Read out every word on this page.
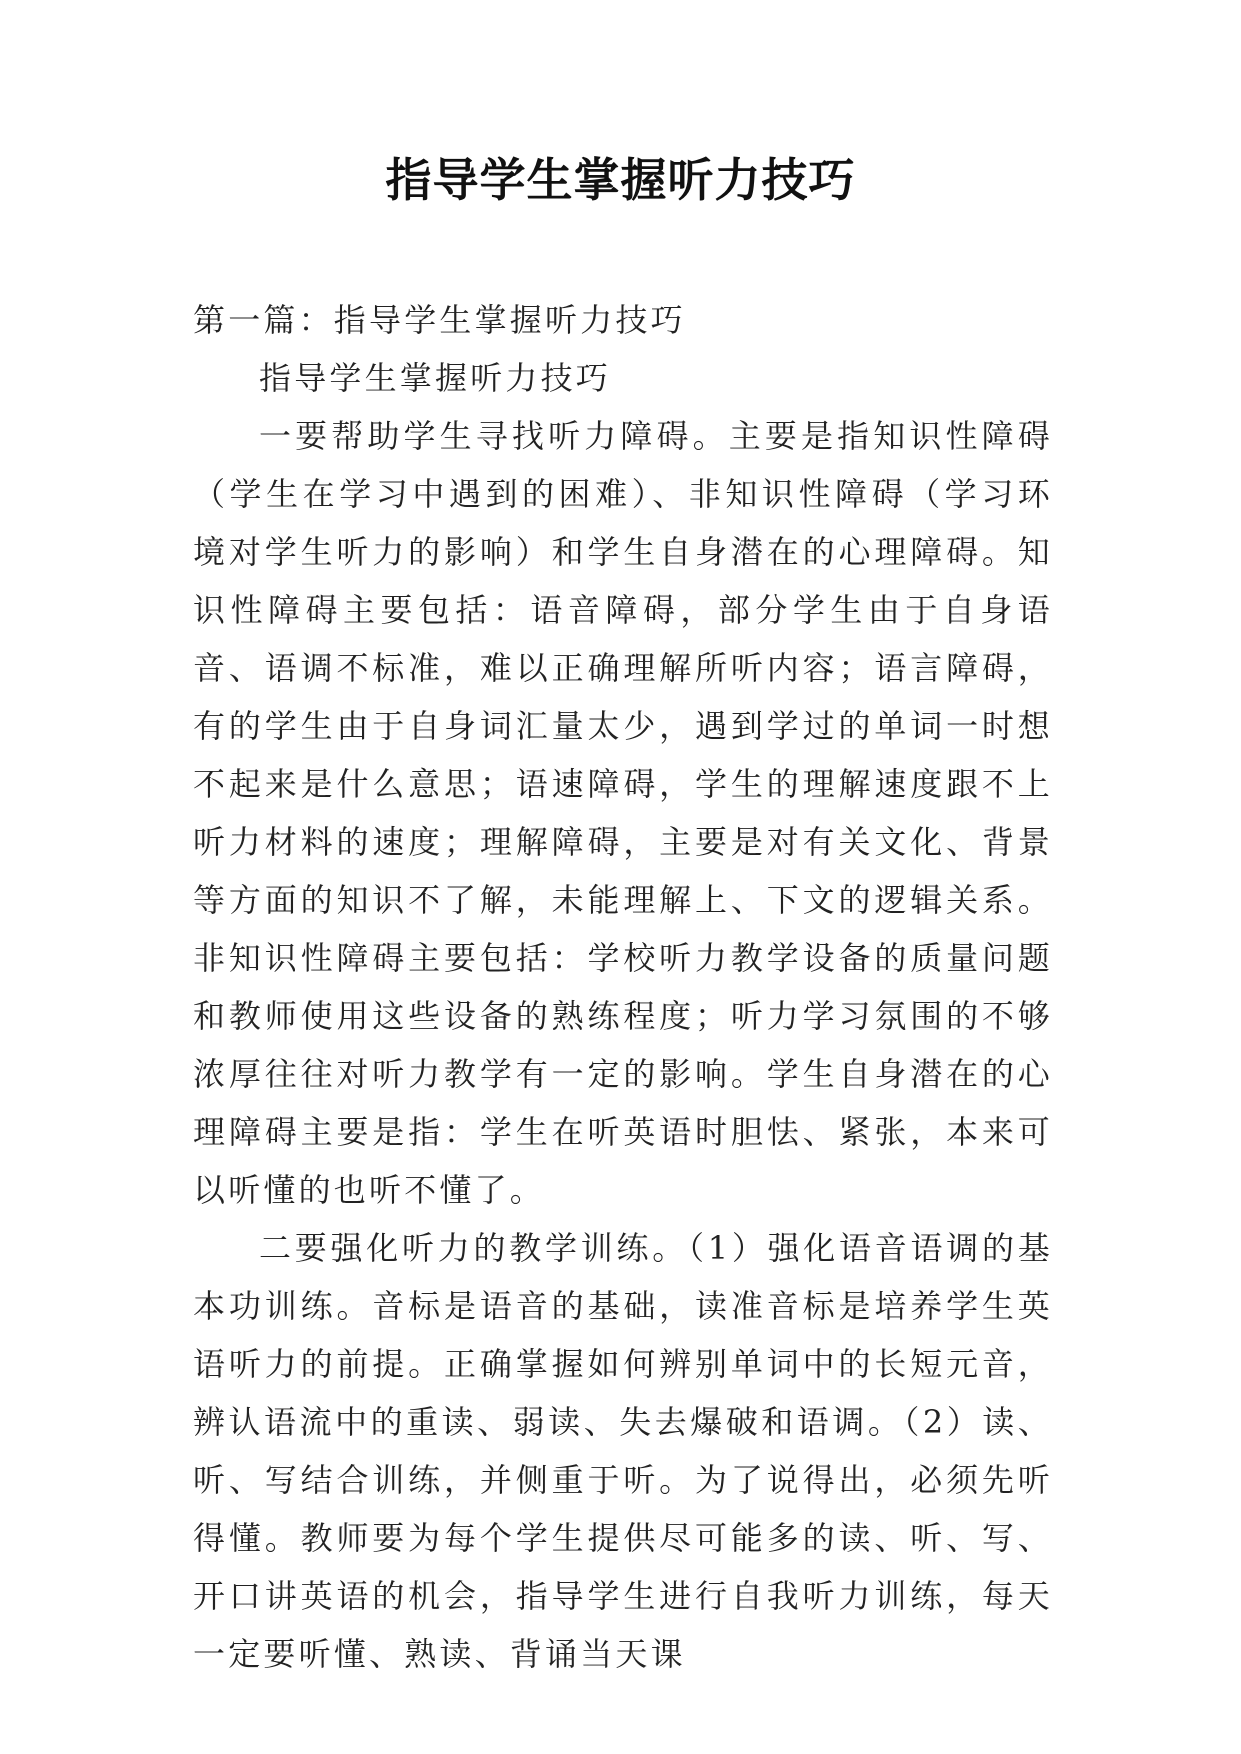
指导学生掌握听力技巧

第一篇：指导学生掌握听力技巧

指导学生掌握听力技巧

一要帮助学生寻找听力障碍。主要是指知识性障碍（学生在学习中遇到的困难）、非知识性障碍（学习环境对学生听力的影响）和学生自身潜在的心理障碍。知识性障碍主要包括：语音障碍，部分学生由于自身语音、语调不标准，难以正确理解所听内容；语言障碍，有的学生由于自身词汇量太少，遇到学过的单词一时想不起来是什么意思；语速障碍，学生的理解速度跟不上听力材料的速度；理解障碍，主要是对有关文化、背景等方面的知识不了解，未能理解上、下文的逻辑关系。非知识性障碍主要包括：学校听力教学设备的质量问题和教师使用这些设备的熟练程度；听力学习氛围的不够浓厚往往对听力教学有一定的影响。学生自身潜在的心理障碍主要是指：学生在听英语时胆怯、紧张，本来可以听懂的也听不懂了。

二要强化听力的教学训练。（1）强化语音语调的基本功训练。音标是语音的基础，读准音标是培养学生英语听力的前提。正确掌握如何辨别单词中的长短元音，辨认语流中的重读、弱读、失去爆破和语调。（2）读、听、写结合训练，并侧重于听。为了说得出，必须先听得懂。教师要为每个学生提供尽可能多的读、听、写、开口讲英语的机会，指导学生进行自我听力训练，每天一定要听懂、熟读、背诵当天课
